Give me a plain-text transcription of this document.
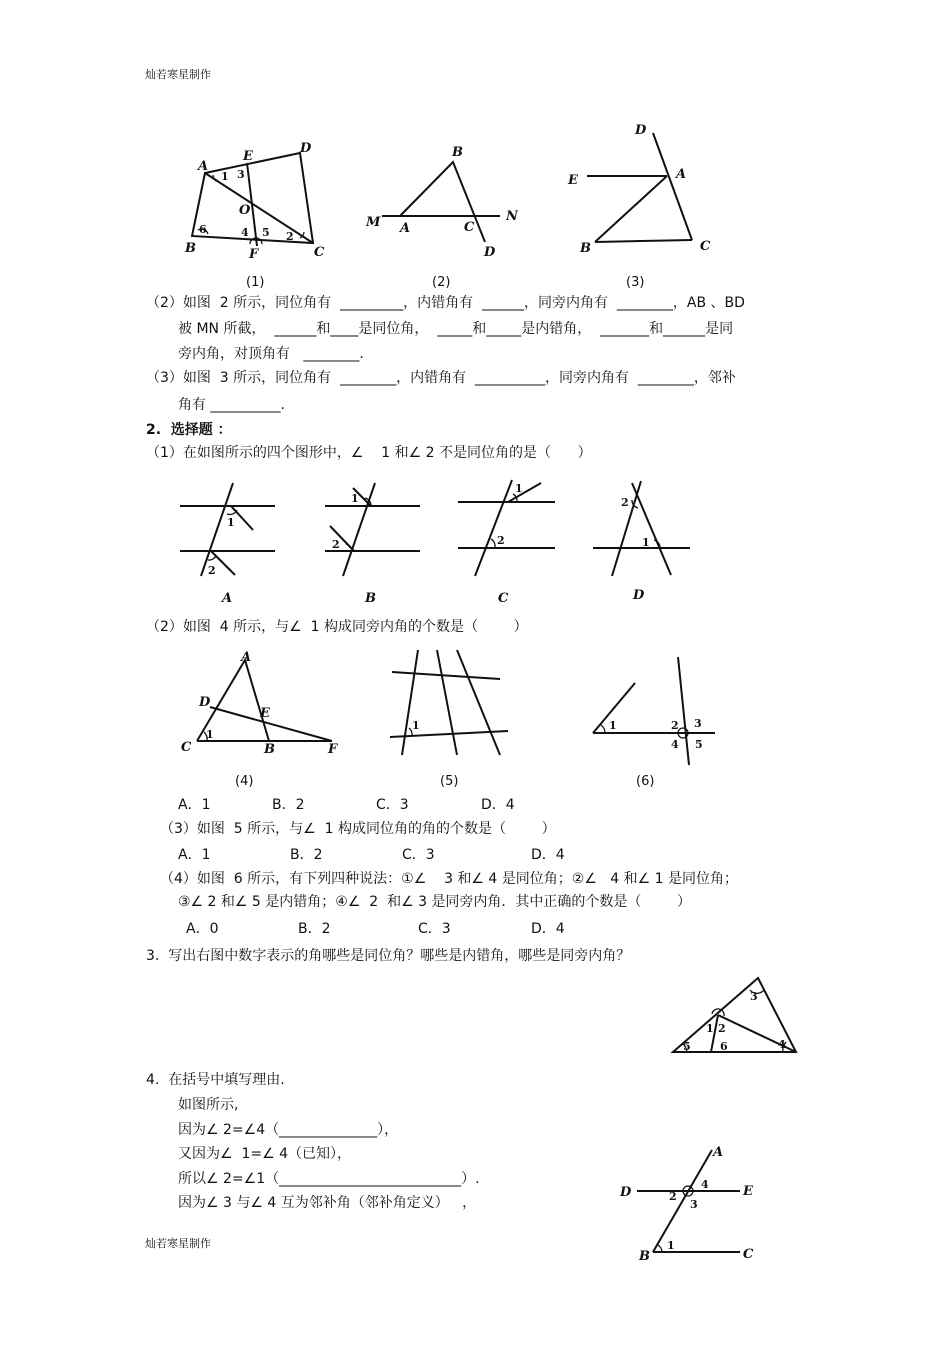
灿若寒星制作
灿若寒星制作
A
E
D
1 3
O
B
6	4 5 2
F	C
(1)
B
M A	C
N
D
(2)
D
E	A
B	C
(3)
（2）如图  2 所示，同位角有  _________，内错角有  ______，同旁内角有  ________，AB 、BD
被 MN 所截，  ______和____是同位角，  _____和_____是内错角，  _______和______是同
旁内角，对顶角有   ________.
（3）如图  3 所示，同位角有  ________，内错角有  __________，同旁内角有  ________，邻补
角有 __________.
2.  选择题 ：
（1）在如图所示的四个图形中，∠    1 和∠ 2 不是同位角的是（      ）
1
2
A
1
2
B
1
2
C
2
1
D
（2）如图  4 所示，与∠  1 构成同旁内角的个数是（        ）
A
D
E
1
C	B	F
(4)
1
(5)
1	2 3
4 5
(6)
A．1	B．2	C．3	D．4
（3）如图  5 所示，与∠  1 构成同位角的角的个数是（        ）
A．1	B．2	C．3	D．4
（4）如图  6 所示，有下列四种说法：①∠    3 和∠ 4 是同位角；②∠   4 和∠ 1 是同位角；
③∠ 2 和∠ 5 是内错角；④∠  2  和∠ 3 是同旁内角．其中正确的个数是（        ）
A．0	B．2	C．3	D．4
3.  写出右图中数字表示的角哪些是同位角？哪些是内错角，哪些是同旁内角？
3
1 2
5	6	4
4.  在括号中填写理由.
如图所示,
因为∠ 2=∠4（______________），
又因为∠  1=∠ 4（已知），
所以∠ 2=∠1（__________________________）.
因为∠ 3 与∠ 4 互为邻补角（邻补角定义）   ，
A
D	2
4	E
3
B
1
C
